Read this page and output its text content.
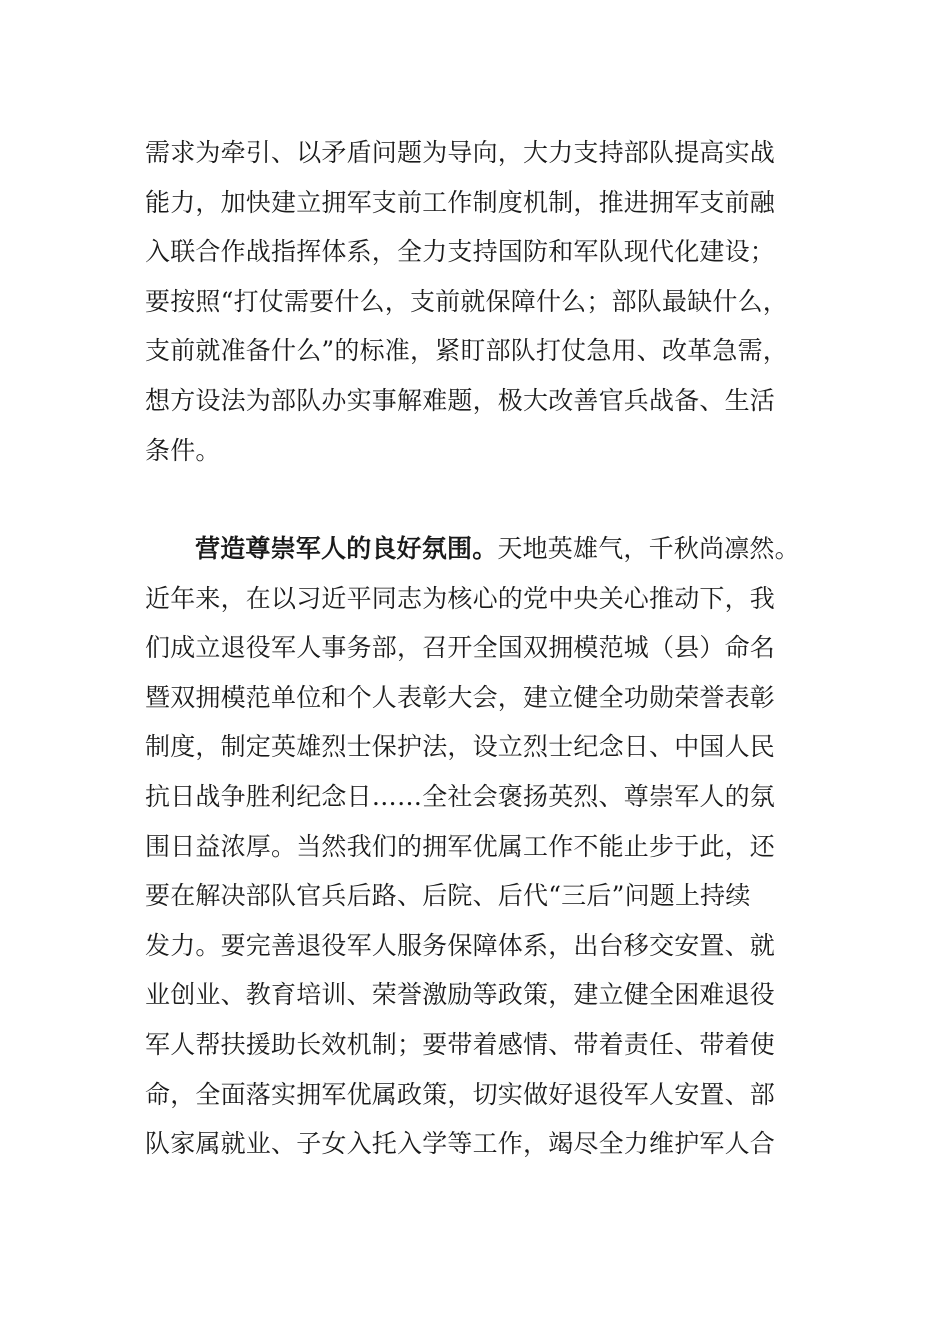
需求为牵引、以矛盾问题为导向，大力支持部队提高实战
能力，加快建立拥军支前工作制度机制，推进拥军支前融
入联合作战指挥体系，全力支持国防和军队现代化建设；
要按照“打仗需要什么，支前就保障什么；部队最缺什么，
支前就准备什么”的标准，紧盯部队打仗急用、改革急需，
想方设法为部队办实事解难题，极大改善官兵战备、生活
条件。
营造尊崇军人的良好氛围。天地英雄气，千秋尚凛然。
近年来，在以习近平同志为核心的党中央关心推动下，我
们成立退役军人事务部，召开全国双拥模范城（县）命名
暨双拥模范单位和个人表彰大会，建立健全功勋荣誉表彰
制度，制定英雄烈士保护法，设立烈士纪念日、中国人民
抗日战争胜利纪念日……全社会褒扬英烈、尊崇军人的氛
围日益浓厚。当然我们的拥军优属工作不能止步于此，还
要在解决部队官兵后路、后院、后代“三后”问题上持续
发力。要完善退役军人服务保障体系，出台移交安置、就
业创业、教育培训、荣誉激励等政策，建立健全困难退役
军人帮扶援助长效机制；要带着感情、带着责任、带着使
命，全面落实拥军优属政策，切实做好退役军人安置、部
队家属就业、子女入托入学等工作，竭尽全力维护军人合
